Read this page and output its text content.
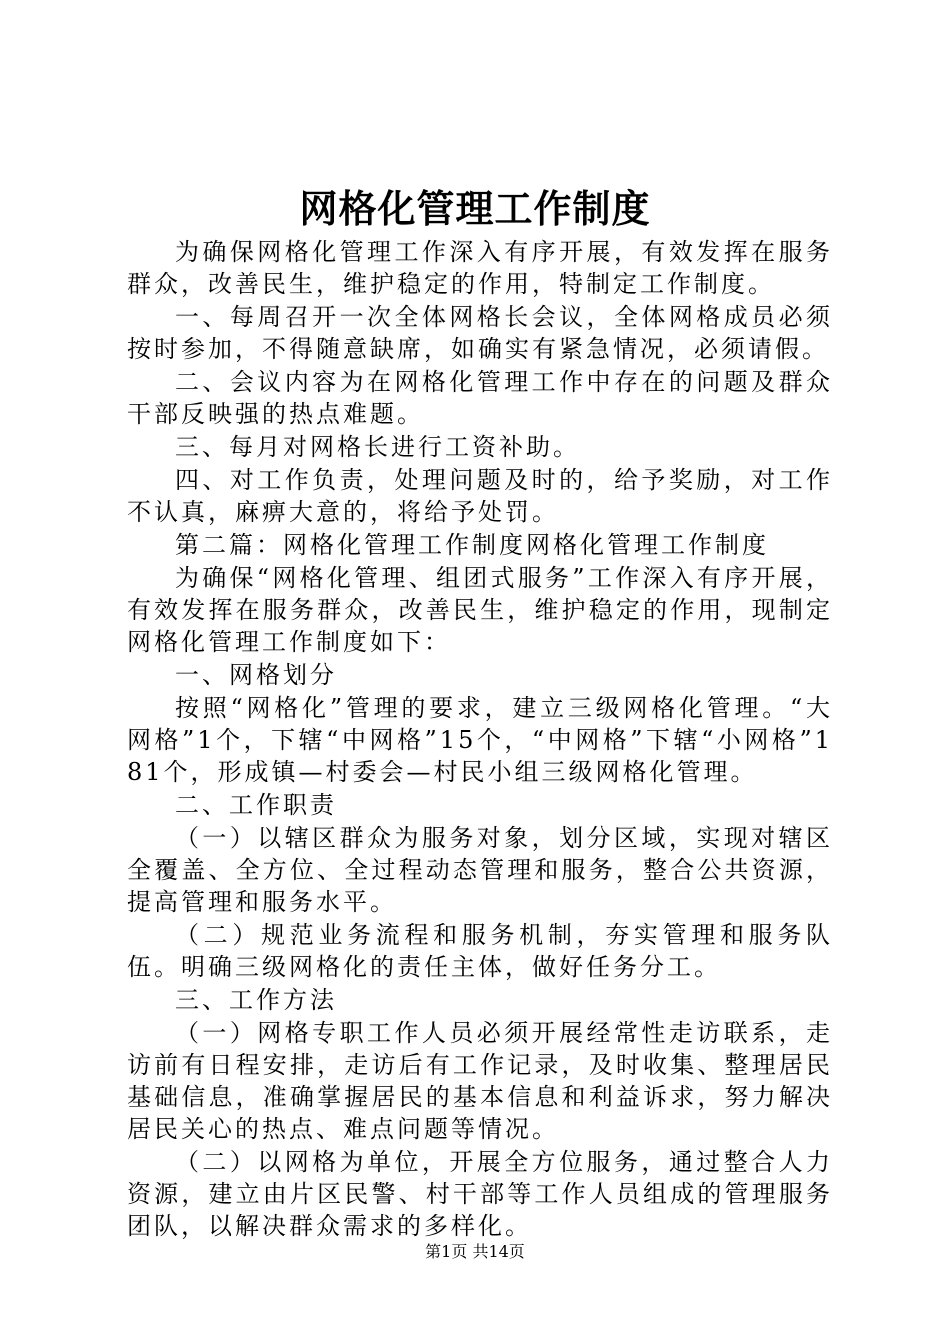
网格化管理工作制度

为确保网格化管理工作深入有序开展，有效发挥在服务群众，改善民生，维护稳定的作用，特制定工作制度。

一、每周召开一次全体网格长会议，全体网格成员必须按时参加，不得随意缺席，如确实有紧急情况，必须请假。

二、会议内容为在网格化管理工作中存在的问题及群众干部反映强的热点难题。

三、每月对网格长进行工资补助。

四、对工作负责，处理问题及时的，给予奖励，对工作不认真，麻痹大意的，将给予处罚。

第二篇：网格化管理工作制度网格化管理工作制度

为确保“网格化管理、组团式服务”工作深入有序开展，有效发挥在服务群众，改善民生，维护稳定的作用，现制定网格化管理工作制度如下：

一、网格划分

按照“网格化”管理的要求，建立三级网格化管理。“大网格”1个，下辖“中网格”15个，“中网格”下辖“小网格”181个，形成镇—村委会—村民小组三级网格化管理。

二、工作职责

（一）以辖区群众为服务对象，划分区域，实现对辖区全覆盖、全方位、全过程动态管理和服务，整合公共资源，提高管理和服务水平。

（二）规范业务流程和服务机制，夯实管理和服务队伍。明确三级网格化的责任主体，做好任务分工。

三、工作方法

（一）网格专职工作人员必须开展经常性走访联系，走访前有日程安排，走访后有工作记录，及时收集、整理居民基础信息，准确掌握居民的基本信息和利益诉求，努力解决居民关心的热点、难点问题等情况。

（二）以网格为单位，开展全方位服务，通过整合人力资源，建立由片区民警、村干部等工作人员组成的管理服务团队，以解决群众需求的多样化。

第1页 共14页
